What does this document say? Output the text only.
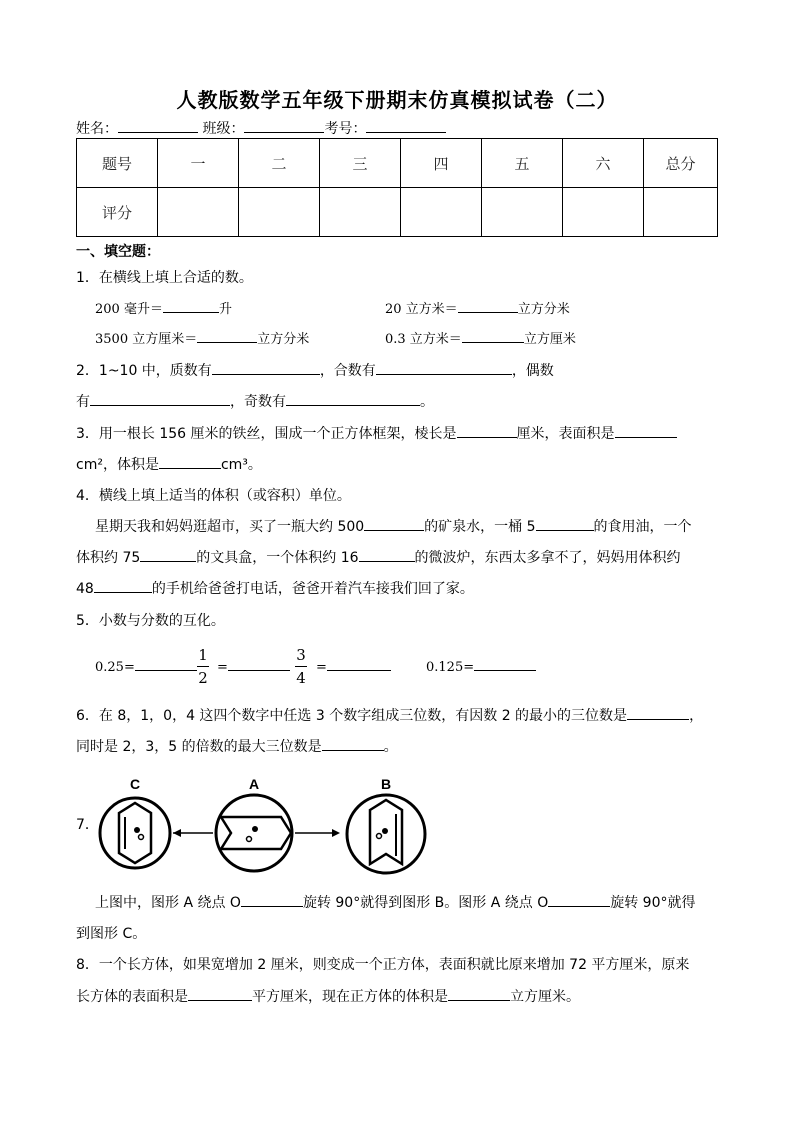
人教版数学五年级下册期末仿真模拟试卷（二）
姓名：	班级：	考号：
题号	一	二	三	四	五	六	总分
评分							
一、填空题：
1．在横线上填上合适的数。
200 毫升＝	升	20 立方米＝	立方分米
3500 立方厘米＝	立方分米	0.3 立方米＝	立方厘米
2．1~10 中，质数有	，合数有	，偶数
有	，奇数有	。
3．用一根长 156 厘米的铁丝，围成一个正方体框架，棱长是	厘米，表面积是
cm²，体积是	cm³。
4．横线上填上适当的体积（或容积）单位。
星期天我和妈妈逛超市，买了一瓶大约 500	的矿泉水，一桶 5	的食用油，一个
体积约 75	的文具盒，一个体积约 16	的微波炉，东西太多拿不了，妈妈用体积约
48	的手机给爸爸打电话，爸爸开着汽车接我们回了家。
5．小数与分数的互化。
0.25=
1
2
=
3
4
=	0.125=
6．在 8，1，0，4 这四个数字中任选 3 个数字组成三位数，有因数 2 的最小的三位数是	，
同时是 2，3，5 的倍数的最大三位数是	。
7．
C	A	B
上图中，图形 A 绕点 O	旋转 90°就得到图形 B。图形 A 绕点 O	旋转 90°就得
到图形 C。
8．一个长方体，如果宽增加 2 厘米，则变成一个正方体，表面积就比原来增加 72 平方厘米，原来
长方体的表面积是	平方厘米，现在正方体的体积是	立方厘米。
